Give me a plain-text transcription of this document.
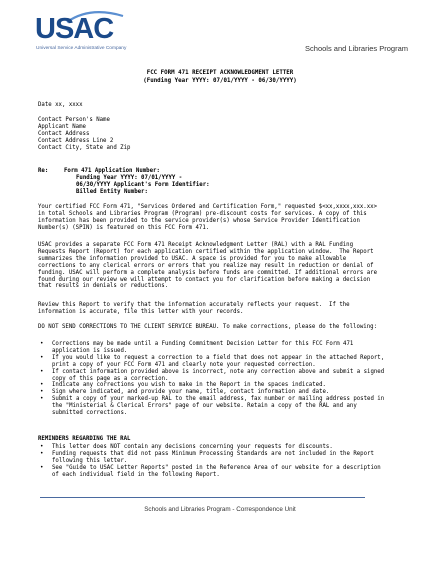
USAC
Universal Service Administrative Company	Schools and Libraries Program
FCC FORM 471 RECEIPT ACKNOWLEDGMENT LETTER
(Funding Year YYYY: 07/01/YYYY - 06/30/YYYY)
Date xx, xxxx
Contact Person's Name
Applicant Name
Contact Address
Contact Address Line 2
Contact City, State and Zip
Re:	Form 471 Application Number:
Funding Year YYYY: 07/01/YYYY -
06/30/YYYY Applicant's Form Identifier:
Billed Entity Number:
Your certified FCC Form 471, "Services Ordered and Certification Form," requested $<xx,xxxx,xxx.xx>
in total Schools and Libraries Program (Program) pre-discount costs for services. A copy of this
information has been provided to the service provider(s) whose Service Provider Identification
Number(s) (SPIN) is featured on this FCC Form 471.
USAC provides a separate FCC Form 471 Receipt Acknowledgment Letter (RAL) with a RAL Funding
Requests Report (Report) for each application certified within the application window.  The Report
summarizes the information provided to USAC. A space is provided for you to make allowable
corrections to any clerical errors or errors that you realize may result in reduction or denial of
funding. USAC will perform a complete analysis before funds are committed. If additional errors are
found during our review we will attempt to contact you for clarification before making a decision
that results in denials or reductions.
Review this Report to verify that the information accurately reflects your request.  If the
information is accurate, file this letter with your records.
DO NOT SEND CORRECTIONS TO THE CLIENT SERVICE BUREAU. To make corrections, please do the following:
• Corrections may be made until a Funding Commitment Decision Letter for this FCC Form 471
application is issued.
• If you would like to request a correction to a field that does not appear in the attached Report,
print a copy of your FCC Form 471 and clearly note your requested correction.
• If contact information provided above is incorrect, note any correction above and submit a signed
copy of this page as a correction.
• Indicate any corrections you wish to make in the Report in the spaces indicated.
• Sign where indicated, and provide your name, title, contact information and date.
• Submit a copy of your marked-up RAL to the email address, fax number or mailing address posted in
the "Ministerial & Clerical Errors" page of our website. Retain a copy of the RAL and any
submitted corrections.
REMINDERS REGARDING THE RAL
• This letter does NOT contain any decisions concerning your requests for discounts.
• Funding requests that did not pass Minimum Processing Standards are not included in the Report
following this letter.
• See "Guide to USAC Letter Reports" posted in the Reference Area of our website for a description
of each individual field in the following Report.
Schools and Libraries Program - Correspondence Unit
